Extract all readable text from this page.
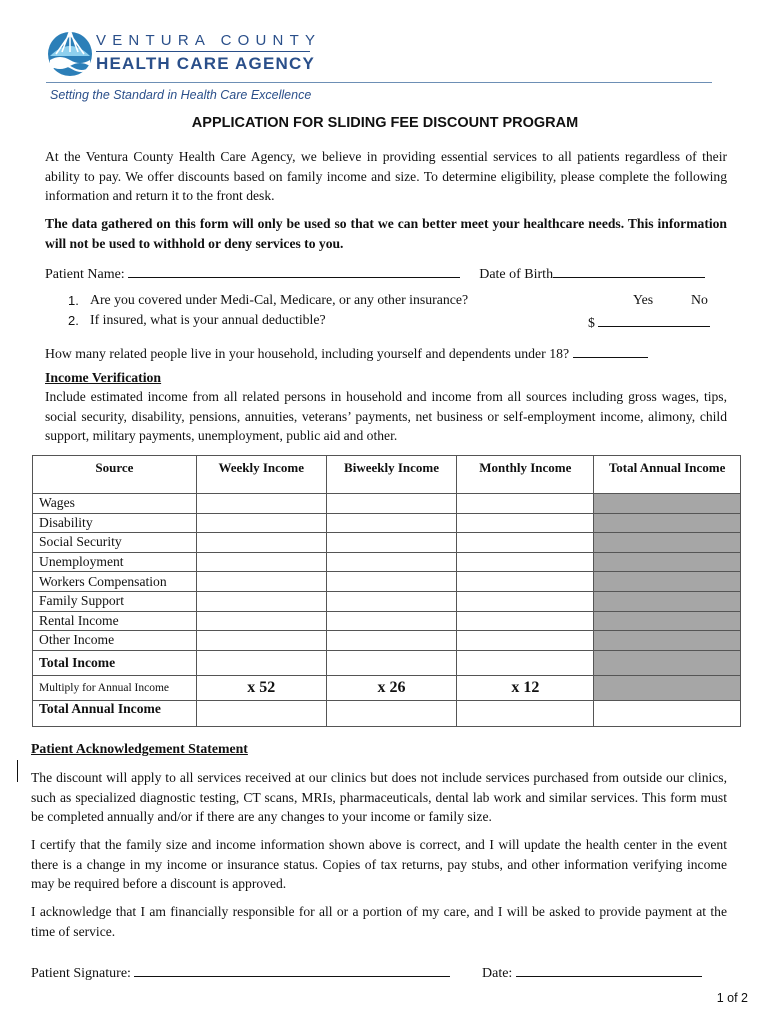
VENTURA COUNTY
HEALTH CARE AGENCY
Setting the Standard in Health Care Excellence
APPLICATION FOR SLIDING FEE DISCOUNT PROGRAM
At the Ventura County Health Care Agency, we believe in providing essential services to all patients regardless of their ability to pay. We offer discounts based on family income and size. To determine eligibility, please complete the following information and return it to the front desk.
The data gathered on this form will only be used so that we can better meet your healthcare needs. This information will not be used to withhold or deny services to you.
Patient Name:	Date of Birth
1. Are you covered under Medi-Cal, Medicare, or any other insurance?	Yes	No
2. If insured, what is your annual deductible?	$
How many related people live in your household, including yourself and dependents under 18?
Income Verification
Include estimated income from all related persons in household and income from all sources including gross wages, tips, social security, disability, pensions, annuities, veterans’ payments, net business or self-employment income, alimony, child support, military payments, unemployment, public aid and other.
Source	Weekly Income	Biweekly Income	Monthly Income	Total Annual Income
Wages				
Disability				
Social Security				
Unemployment				
Workers Compensation				
Family Support				
Rental Income				
Other Income				
Total Income				
Multiply for Annual Income	x 52	x 26	x 12	
Total Annual Income				
Patient Acknowledgement Statement
The discount will apply to all services received at our clinics but does not include services purchased from outside our clinics, such as specialized diagnostic testing, CT scans, MRIs, pharmaceuticals, dental lab work and similar services. This form must be completed annually and/or if there are any changes to your income or family size.
I certify that the family size and income information shown above is correct, and I will update the health center in the event there is a change in my income or insurance status. Copies of tax returns, pay stubs, and other information verifying income may be required before a discount is approved.
I acknowledge that I am financially responsible for all or a portion of my care, and I will be asked to provide payment at the time of service.
Patient Signature:	Date:
1 of 2
